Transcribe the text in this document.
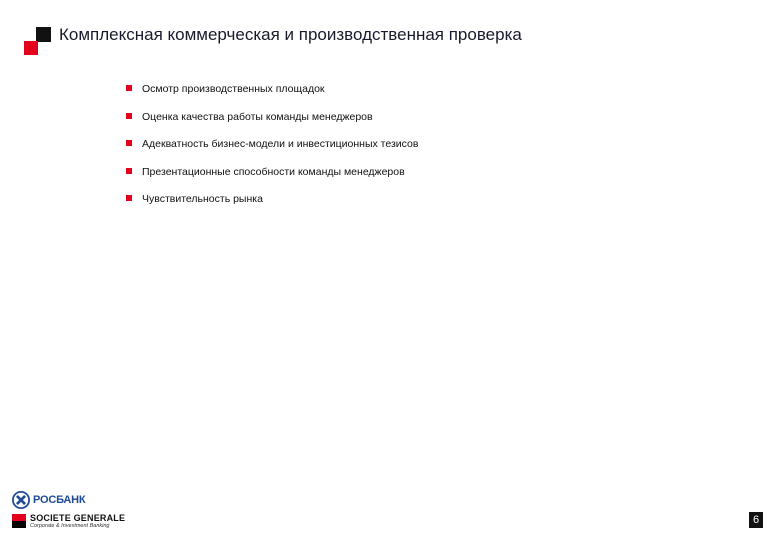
Комплексная коммерческая и производственная проверка
Осмотр производственных площадок
Оценка качества работы команды менеджеров
Адекватность бизнес-модели и инвестиционных тезисов
Презентационные способности команды менеджеров
Чувствительность рынка
РОСБАНК
SOCIETE GENERALE
Corporate & Investment Banking	6
